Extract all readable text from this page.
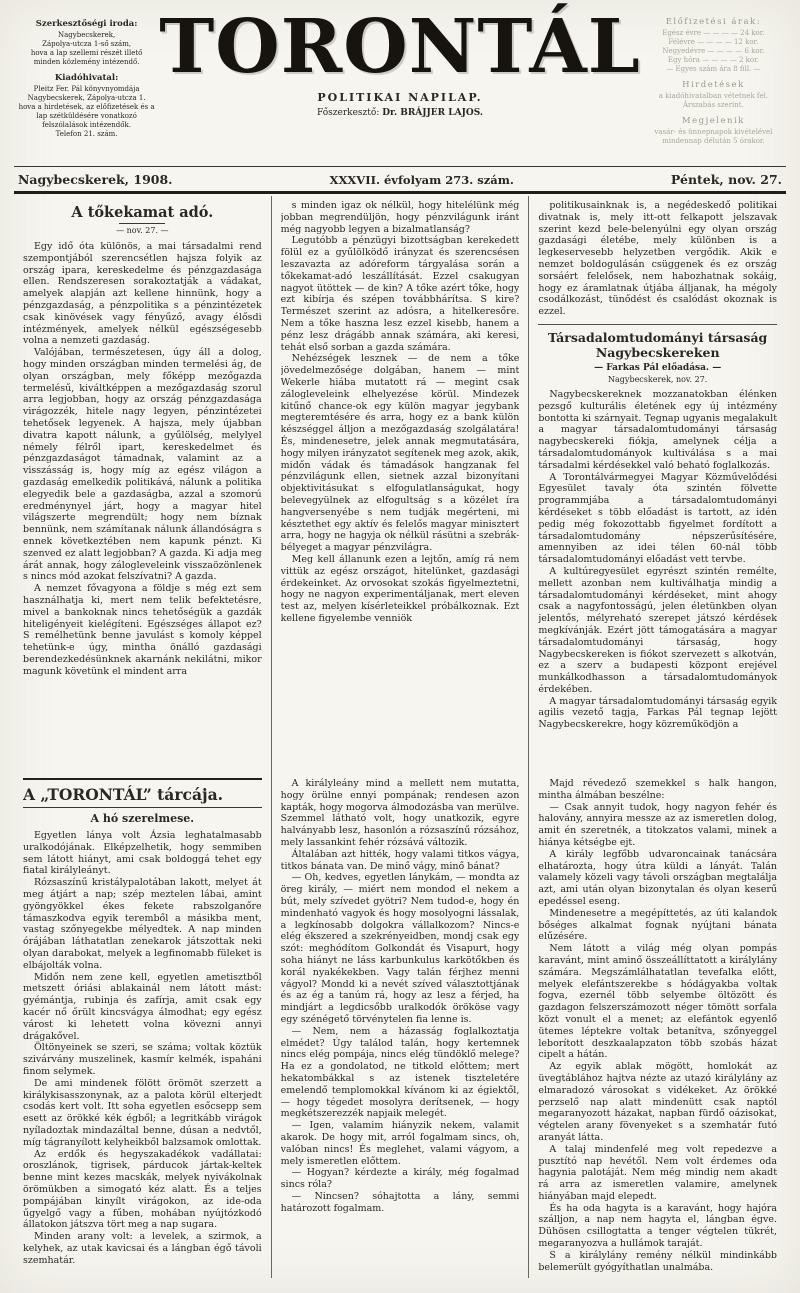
Szerkesztőségi iroda:
Nagybecskerek,
Zápolya-utcza 1-ső szám,
hova a lap szellemi részét illető
minden közlemény intézendő.
Kiadóhivatal:
Pleitz Fer. Pál könyvnyomdája
Nagybecskerek, Zápolya-utcza 1.
hova a hirdetések, az előfizetések és a lap szétküldésére vonatkozó felszólalások intézendők.
Telefon 21. szám.
TORONTÁL
POLITIKAI NAPILAP.
Főszerkesztő: Dr. BRÁJJER LAJOS.
Előfizetési árak:
Egész évre — — — — 24 kor.
Félévre — — — — 12 kor.
Negyedévre — — — — 6 kor.
Egy hóra — — — — 2 kor.
— Egyes szám ára 8 fill. —
Hirdetések
a kiadóhivatalban vétetnek fel.
Árszabás szerint.
Megjelenik
vasár- és ünnepnapok kivételével
mindennap délután 5 órakor.
Nagybecskerek, 1908.	XXXVII. évfolyam 273. szám.	Péntek, nov. 27.
A tőkekamat adó.
— nov. 27. —

Egy idő óta különös, a mai társadalmi rend szempontjából szerencsétlen hajsza folyik az ország ipara, kereskedelme és pénzgazdasága ellen. Rendszeresen sorakoztatják a vádakat, amelyek alapján azt kellene hinnünk, hogy a pénzgazdaság, a pénzpolitika s a pénzintézetek csak kinövések vagy fényűző, avagy élősdi intézmények, amelyek nélkül egészségesebb volna a nemzeti gazdaság.

Valójában, természetesen, úgy áll a dolog, hogy minden országban minden termelési ág, de olyan országban, mely főképp mezőgazda termelésű, kiváltképpen a mezőgazdaság szorul arra legjobban, hogy az ország pénzgazdasága virágozzék, hitele nagy legyen, pénzintézetei tehetősek legyenek. A hajsza, mely újabban divatra kapott nálunk, a gyűlölség, melylyel némely félről ipart, kereskedelmet és pénzgazdaságot támadnak, valamint az a visszásság is, hogy míg az egész világon a gazdaság emelkedik politikává, nálunk a politika elegyedik bele a gazdaságba, azzal a szomorú eredménynyel járt, hogy a magyar hitel világszerte megrendült; hogy nem bíznak bennünk, nem számítanak nálunk állandóságra s ennek következtében nem kapunk pénzt. Ki szenved ez alatt legjobban? A gazda. Ki adja meg árát annak, hogy zálogleveleink visszaözönlenek s nincs mód azokat felszívatni? A gazda.

A nemzet fővagyona a földje s még ezt sem használhatja ki, mert nem telik befektetésre, mivel a bankoknak nincs tehetőségük a gazdák hiteligényeit kielégíteni. Egészséges állapot ez? S remélhetünk benne javulást s komoly képpel tehetünk-e úgy, mintha önálló gazdasági berendezkedésünknek akarnánk nekilátni, mikor magunk követünk el mindent arra

A „TORONTÁL” tárcája.
A hó szerelmese.

Egyetlen lánya volt Ázsia leghatalmasabb uralkodójának. Elképzelhetik, hogy semmiben sem látott hiányt, ami csak boldoggá tehet egy fiatal királyleányt.

Rózsaszínű kristálypalotában lakott, melyet át meg átjárt a nap; szép meztelen lábai, amint gyöngyökkel ékes fekete rabszolganőre támaszkodva egyik teremből a másikba ment, vastag szőnyegekbe mélyedtek. A nap minden órájában láthatatlan zenekarok játszottak neki olyan darabokat, melyek a legfinomabb füleket is elbájolták volna.

Midőn nem zene kell, egyetlen ametisztből metszett óriási ablakainál nem látott mást: gyémántja, rubinja és zafírja, amit csak egy kacér nő őrült kincsvágya álmodhat; egy egész várost ki lehetett volna kövezni annyi drágakővel.

Öltönyeinek se szeri, se száma; voltak köztük szivárvány muszelinek, kasmír kelmék, ispaháni finom selymek.

De ami mindenek fölött örömöt szerzett a királykisasszonynak, az a palota körül elterjedt csodás kert volt. Itt soha egyetlen esőcsepp sem esett az örökké kék égből; a legritkább virágok nyíladoztak mindazáltal benne, dúsan a nedvtől, míg tágranyílott kelyheikből balzsamok omlottak.

Az erdők és hegyszakadékok vadállatai: oroszlánok, tigrisek, párducok jártak-keltek benne mint kezes macskák, melyek nyivákolnak örömükben a simogató kéz alatt. És a teljes pompájában kinyílt virágokon, az ide-oda űgyelgő vagy a fűben, mohában nyújtózkodó állatokon játszva tört meg a nap sugara.

Minden arany volt: a levelek, a szirmok, a kelyhek, az utak kavicsai és a lángban égő távoli szemhatár.

s minden igaz ok nélkül, hogy hitelélünk még jobban megrendüljön, hogy pénzvilágunk iránt még nagyobb legyen a bizalmatlanság?

Legutóbb a pénzügyi bizottságban kerekedett fölül ez a gyűlölködő irányzat és szerencsésen leszavazta az adóreform tárgyalása során a tőkekamat-adó leszállítását. Ezzel csakugyan nagyot ütöttek — de kin? A tőke azért tőke, hogy ezt kibírja és szépen továbbhárítsa. S kire? Természet szerint az adósra, a hitelkeresőre. Nem a tőke haszna lesz ezzel kisebb, hanem a pénz lesz drágább annak számára, aki keresi, tehát első sorban a gazda számára.

Nehézségek lesznek — de nem a tőke jövedelmezősége dolgában, hanem — mint Wekerle hiába mutatott rá — megint csak zálogleveleink elhelyezése körül. Mindezek kitűnő chance-ok egy külön magyar jegybank megteremtésére és arra, hogy ez a bank külön készséggel álljon a mezőgazdaság szolgálatára! És, mindenesetre, jelek annak megmutatására, hogy milyen irányzatot segítenek meg azok, akik, midőn vádak és támadások hangzanak fel pénzvilágunk ellen, sietnek azzal bizonyítani objektivitásukat s elfogulatlanságukat, hogy belevegyülnek az elfogultság s a közélet íra hangversenyébe s nem tudják megérteni, mi késztethet egy aktív és felelős magyar minisztert arra, hogy ne hagyja ok nélkül rásütni a szebrák-bélyeget a magyar pénzvilágra.

Meg kell állanunk ezen a lejtőn, amíg rá nem vittük az egész országot, hitelünket, gazdasági érdekeinket. Az orvosokat szokás figyelmeztetni, hogy ne nagyon experimentáljanak, mert eleven test az, melyen kísérleteikkel próbálkoznak. Ezt kellene figyelembe venniök

A királyleány mind a mellett nem mutatta, hogy örülne ennyi pompának; rendesen azon kapták, hogy mogorva álmodozásba van merülve. Szemmel látható volt, hogy unatkozik, egyre halványabb lesz, hasonlón a rózsaszínű rózsához, mely lassankint fehér rózsává változik.

Általában azt hitték, hogy valami titkos vágya, titkos bánata van. De minő vágy, minő bánat?

— Oh, kedves, egyetlen lánykám, — mondta az öreg király, — miért nem mondod el nekem a bút, mely szívedet gyötri? Nem tudod-e, hogy én mindenható vagyok és hogy mosolyogni lássalak, a legkínosabb dolgokra vállalkozom? Nincs-e elég ékszered a szekrényeidben, mondj csak egy szót: meghódítom Golkondát és Visapurt, hogy soha hiányt ne láss karbunkulus karkötőkben és korál nyakékekben. Vagy talán férjhez menni vágyol? Mondd ki a nevét szíved választottjának és az ég a tanúm rá, hogy az lesz a férjed, ha mindjárt a legdicsőbb uralkodók örököse vagy egy szénégető törvénytelen fia lenne is.

— Nem, nem a házasság foglalkoztatja elmédet? Úgy találod talán, hogy kertemnek nincs elég pompája, nincs elég tündöklő melege? Ha ez a gondolatod, ne titkold előttem; mert hekatombákkal s az istenek tiszteletére emelendő templomokkal kívánom ki az égiektől, — hogy tégedet mosolyra derítsenek, — hogy megkétszerezzék napjaik melegét.

— Igen, valamim hiányzik nekem, valamit akarok. De hogy mit, arról fogalmam sincs, oh, valóban nincs! És meglehet, valami vágyom, a mely ismeretlen előttem.

— Hogyan? kérdezte a király, még fogalmad sincs róla?

— Nincsen? sóhajtotta a lány, semmi határozott fogalmam.

politikusainknak is, a negédeskedő politikai divatnak is, mely itt-ott felkapott jelszavak szerint kezd bele-belenyúlni egy olyan ország gazdasági életébe, mely különben is a legkeservesebb helyzetben vergődik. Akik e nemzet boldogulásán csüggenek és ez ország sorsáért felelősek, nem habozhatnak sokáig, hogy ez áramlatnak útjába álljanak, ha mégoly csodálkozást, tünődést és csalódást okoznak is ezzel.

Társadalomtudományi társaság Nagybecskereken
— Farkas Pál előadása. —
Nagybecskerek, nov. 27.

Nagybecskereknek mozzanatokban élénken pezsgő kulturális életének egy új intézmény bontotta ki szárnyait. Tegnap ugyanis megalakult a magyar társadalomtudományi társaság nagybecskereki fiókja, amelynek célja a társadalomtudományok kultiválása s a mai társadalmi kérdésekkel való beható foglalkozás.

A Torontálvármegyei Magyar Közművelődési Egyesület tavaly óta szintén fölvette programmjába a társadalomtudományi kérdéseket s több előadást is tartott, az idén pedig még fokozottabb figyelmet fordított a társadalomtudomány népszerűsítésére, amennyiben az idei télen 60-nál több társadalomtudományi előadást vett tervbe.

A kultúregyesület egyrészt szintén remélte, mellett azonban nem kultiválhatja mindig a társadalomtudományi kérdéseket, mint ahogy csak a nagyfontosságú, jelen életünkben olyan jelentős, mélyreható szerepet játszó kérdések megkívánják. Ezért jött támogatására a magyar társadalomtudományi társaság, hogy Nagybecskereken is fiókot szervezett s alkotván, ez a szerv a budapesti központ erejével munkálkodhasson a társadalomtudományok érdekében.

A magyar társadalomtudományi társaság egyik agilis vezető tagja, Farkas Pál tegnap lejött Nagybecskerekre, hogy közreműködjön a

Majd révedező szemekkel s halk hangon, mintha álmában beszélne:

— Csak annyit tudok, hogy nagyon fehér és halovány, annyira messze az az ismeretlen dolog, amit én szeretnék, a titokzatos valami, minek a hiánya kétségbe ejt.

A király legfőbb udvaroncainak tanácsára elhatározta, hogy útra küldi a lányát. Talán valamely közeli vagy távoli országban megtalálja azt, ami után olyan bizonytalan és olyan keserű epedéssel eseng.

Mindenesetre a megépíttetés, az úti kalandok bőséges alkalmat fognak nyújtani bánata elűzésére.

Nem látott a világ még olyan pompás karavánt, mint aminő összeállíttatott a királylány számára. Megszámlálhatatlan tevefalka előtt, melyek elefántszerekbe s hódágyakba voltak fogva, ezernél több selyembe öltözött és gazdagon felszerszámozott néger tömött sorfala közt vonult el a menet; az elefántok egyenlő ütemes léptekre voltak betanítva, szőnyeggel leborított deszkaalapzaton több szobás házat cipelt a hátán.

Az egyik ablak mögött, homlokát az üvegtáblához hajtva nézte az utazó királylány az elmaradozó városokat s vidékeket. Az örökké perzselő nap alatt mindenütt csak naptól megaranyozott házakat, napban fürdő oázisokat, végtelen arany fövenyeket s a szemhatár futó aranyát látta.

A talaj mindenfelé meg volt repedezve a pusztító nap hevétől. Nem volt érdemes oda hagynia palotáját. Nem még mindig nem akadt rá arra az ismeretlen valamire, amelynek hiányában majd elepedt.

És ha oda hagyta is a karavánt, hogy hajóra szálljon, a nap nem hagyta el, lángban égve. Dühösen csillogtatta a tenger végtelen tükrét, megaranyozva a hullámok taraját.

S a királylány remény nélkül mindinkább belemerült gyógyíthatlan unalmába.
